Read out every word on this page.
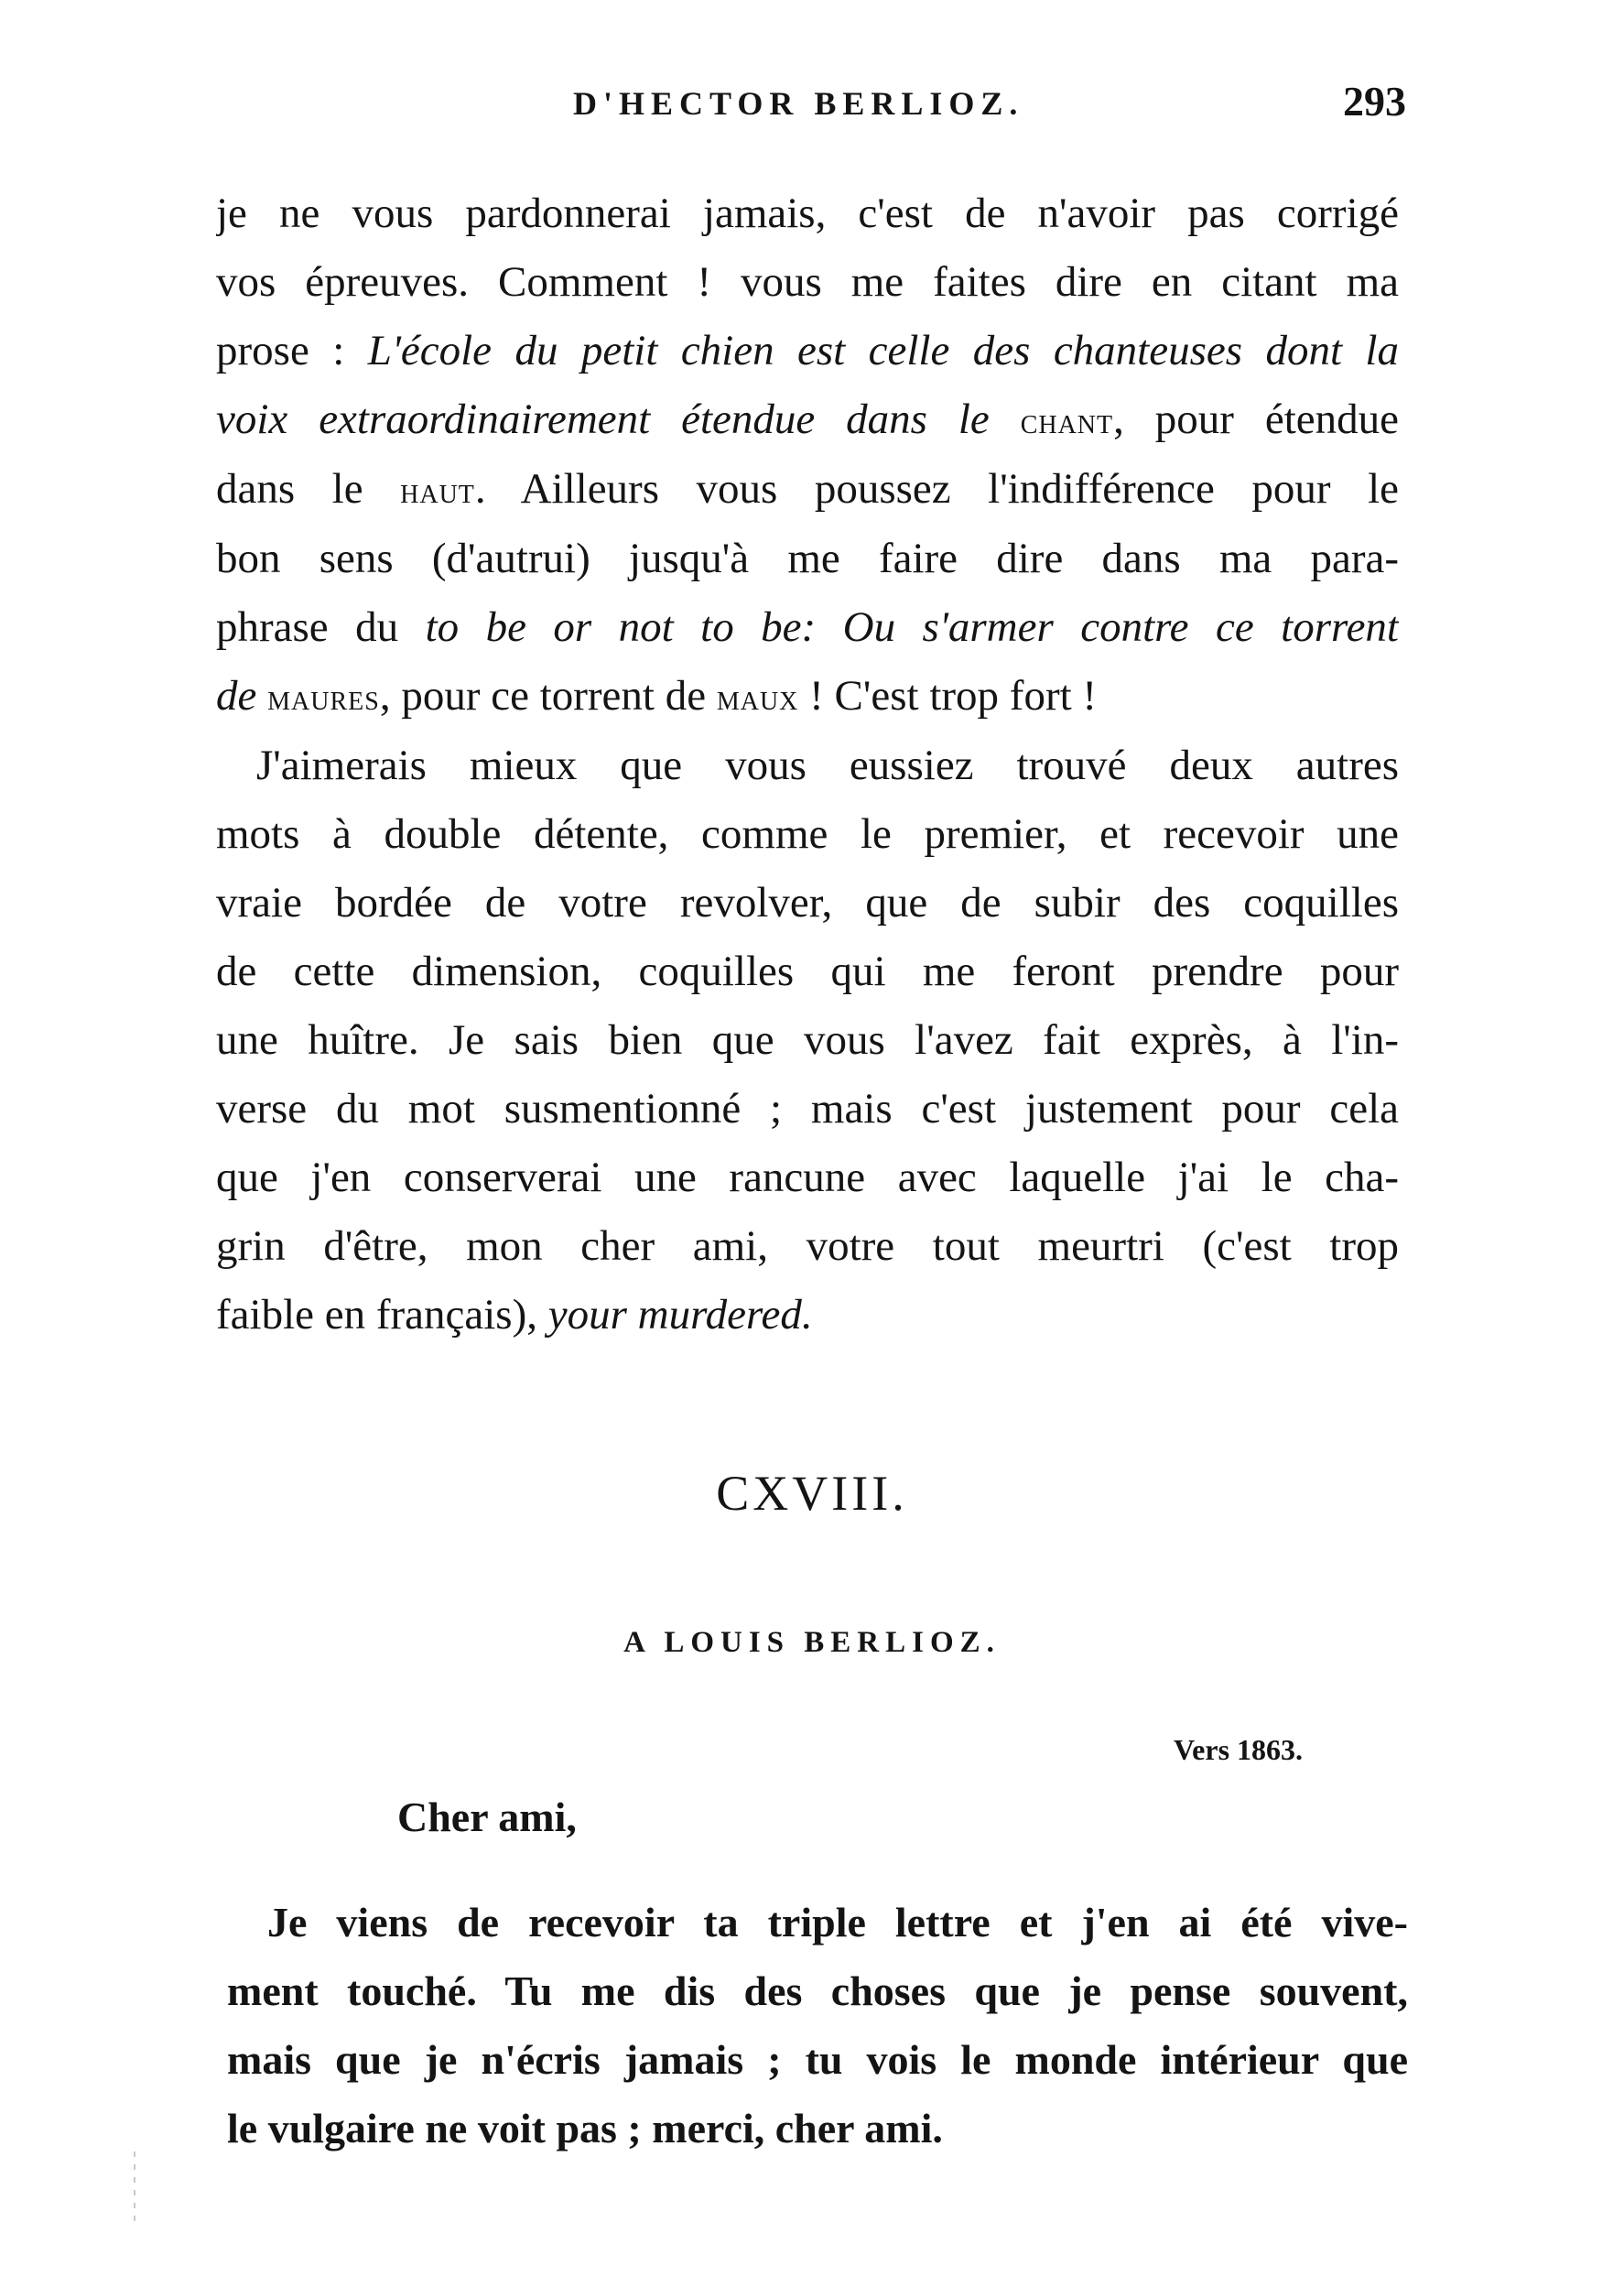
D'HECTOR BERLIOZ.	293
je ne vous pardonnerai jamais, c'est de n'avoir pas corrigé
vos épreuves. Comment ! vous me faites dire en citant ma
prose : L'école du petit chien est celle des chanteuses dont la
voix extraordinairement étendue dans le chant, pour étendue
dans le haut. Ailleurs vous poussez l'indifférence pour le
bon sens (d'autrui) jusqu'à me faire dire dans ma para-
phrase du to be or not to be: Ou s'armer contre ce torrent
de maures, pour ce torrent de maux ! C'est trop fort !
J'aimerais mieux que vous eussiez trouvé deux autres
mots à double détente, comme le premier, et recevoir une
vraie bordée de votre revolver, que de subir des coquilles
de cette dimension, coquilles qui me feront prendre pour
une huître. Je sais bien que vous l'avez fait exprès, à l'in-
verse du mot susmentionné ; mais c'est justement pour cela
que j'en conserverai une rancune avec laquelle j'ai le cha-
grin d'être, mon cher ami, votre tout meurtri (c'est trop
faible en français), your murdered.
CXVIII.
A LOUIS BERLIOZ.
Vers 1863.
Cher ami,
Je viens de recevoir ta triple lettre et j'en ai été vive-
ment touché. Tu me dis des choses que je pense souvent,
mais que je n'écris jamais ; tu vois le monde intérieur que
le vulgaire ne voit pas ; merci, cher ami.
